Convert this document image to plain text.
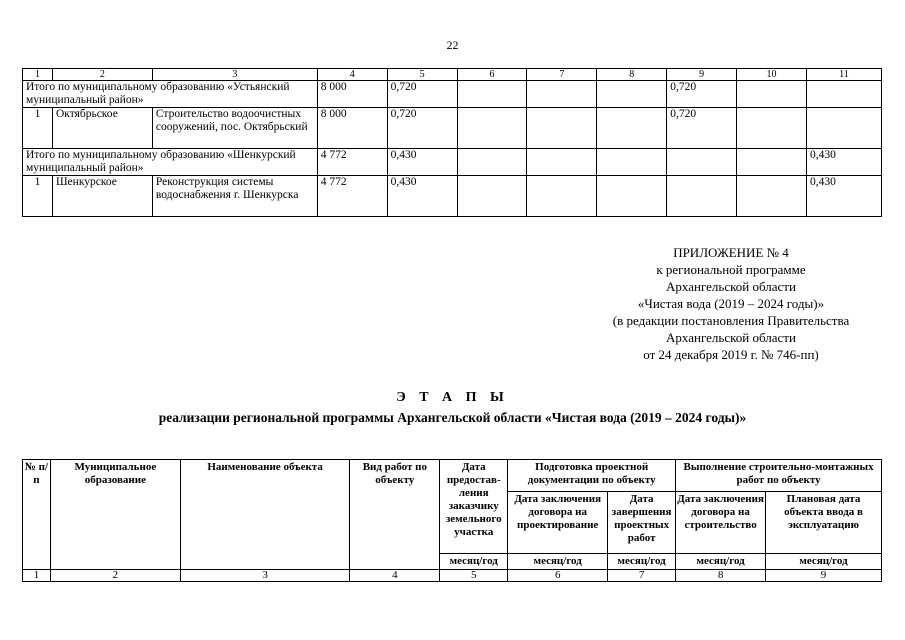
22
1	2	3	4	5	6	7	8	9	10	11
Итого по муниципальному образованию «Устьянский муниципальный район»			8 000	0,720				0,720		
1	Октябрьское	Строительство водоочистных сооружений, пос. Октябрьский	8 000	0,720				0,720		
Итого по муниципальному образованию «Шенкурский муниципальный район»			4 772	0,430						0,430
1	Шенкурское	Реконструкция системы водоснабжения г. Шенкурска	4 772	0,430						0,430
ПРИЛОЖЕНИЕ № 4
к региональной программе
Архангельской области
«Чистая вода (2019 – 2024 годы)»
(в редакции постановления Правительства
Архангельской области
от 24 декабря 2019 г. № 746-пп)
Э Т А П Ы
реализации региональной программы Архангельской области «Чистая вода (2019 – 2024 годы)»
№ п/п	Муниципальное образование	Наименование объекта	Вид работ по объекту	Дата предостав-ления заказчику земельного участка	Подготовка проектной документации по объекту		Выполнение строительно-монтажных работ по объекту	
					Дата заключения договора на проектирование	Дата завершения проектных работ	Дата заключения договора на строительство	Плановая дата объекта ввода в эксплуатацию
				месяц/год	месяц/год	месяц/год	месяц/год	месяц/год
1	2	3	4	5	6	7	8	9
